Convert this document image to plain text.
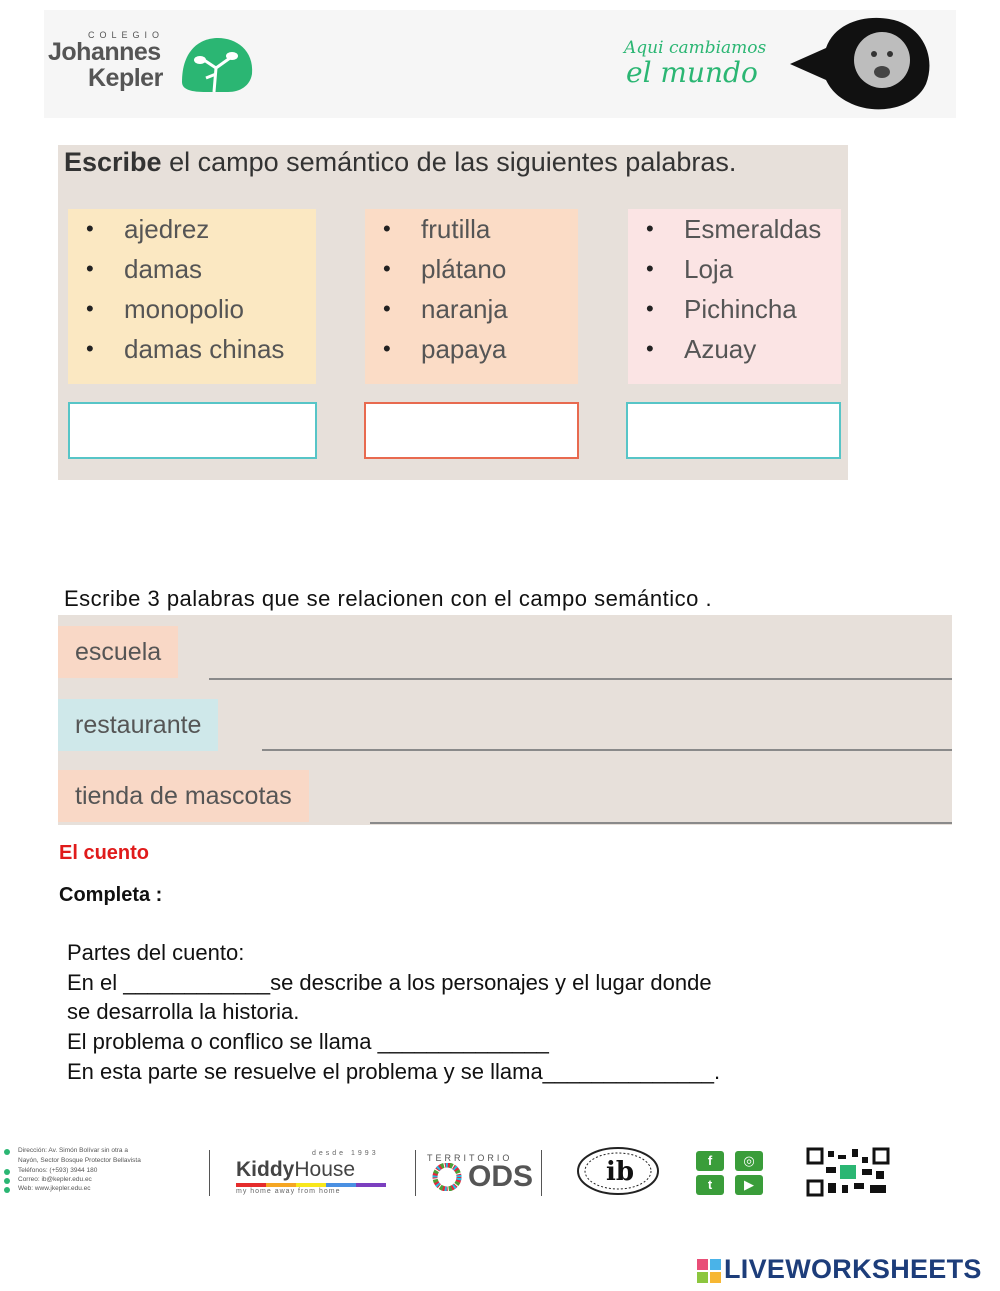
COLEGIO
Johannes
Kepler
Aqui cambiamos
el mundo
Escribe el campo semántico de las siguientes palabras.
• ajedrez
• damas
• monopolio
• damas chinas
• frutilla
• plátano
• naranja
• papaya
• Esmeraldas
• Loja
• Pichincha
• Azuay
Escribe 3 palabras que se relacionen con el campo semántico .
escuela
restaurante
tienda de mascotas
El cuento
Completa :
Partes del cuento:
En el ____________se describe a los personajes y el lugar donde
se desarrolla la historia.
El problema o conflico se llama ______________
En esta parte se resuelve el problema y se llama______________.
Dirección: Av. Simón Bolívar sin otra a
Nayón, Sector Bosque Protector Bellavista
Teléfonos: (+593) 3944 180
Correo: ib@kepler.edu.ec
Web: www.jkepler.edu.ec
desde 1993
KiddyHouse
my home away from home
TERRITORIO
ODS	ib	f	◎
t	▶
LIVEWORKSHEETS
